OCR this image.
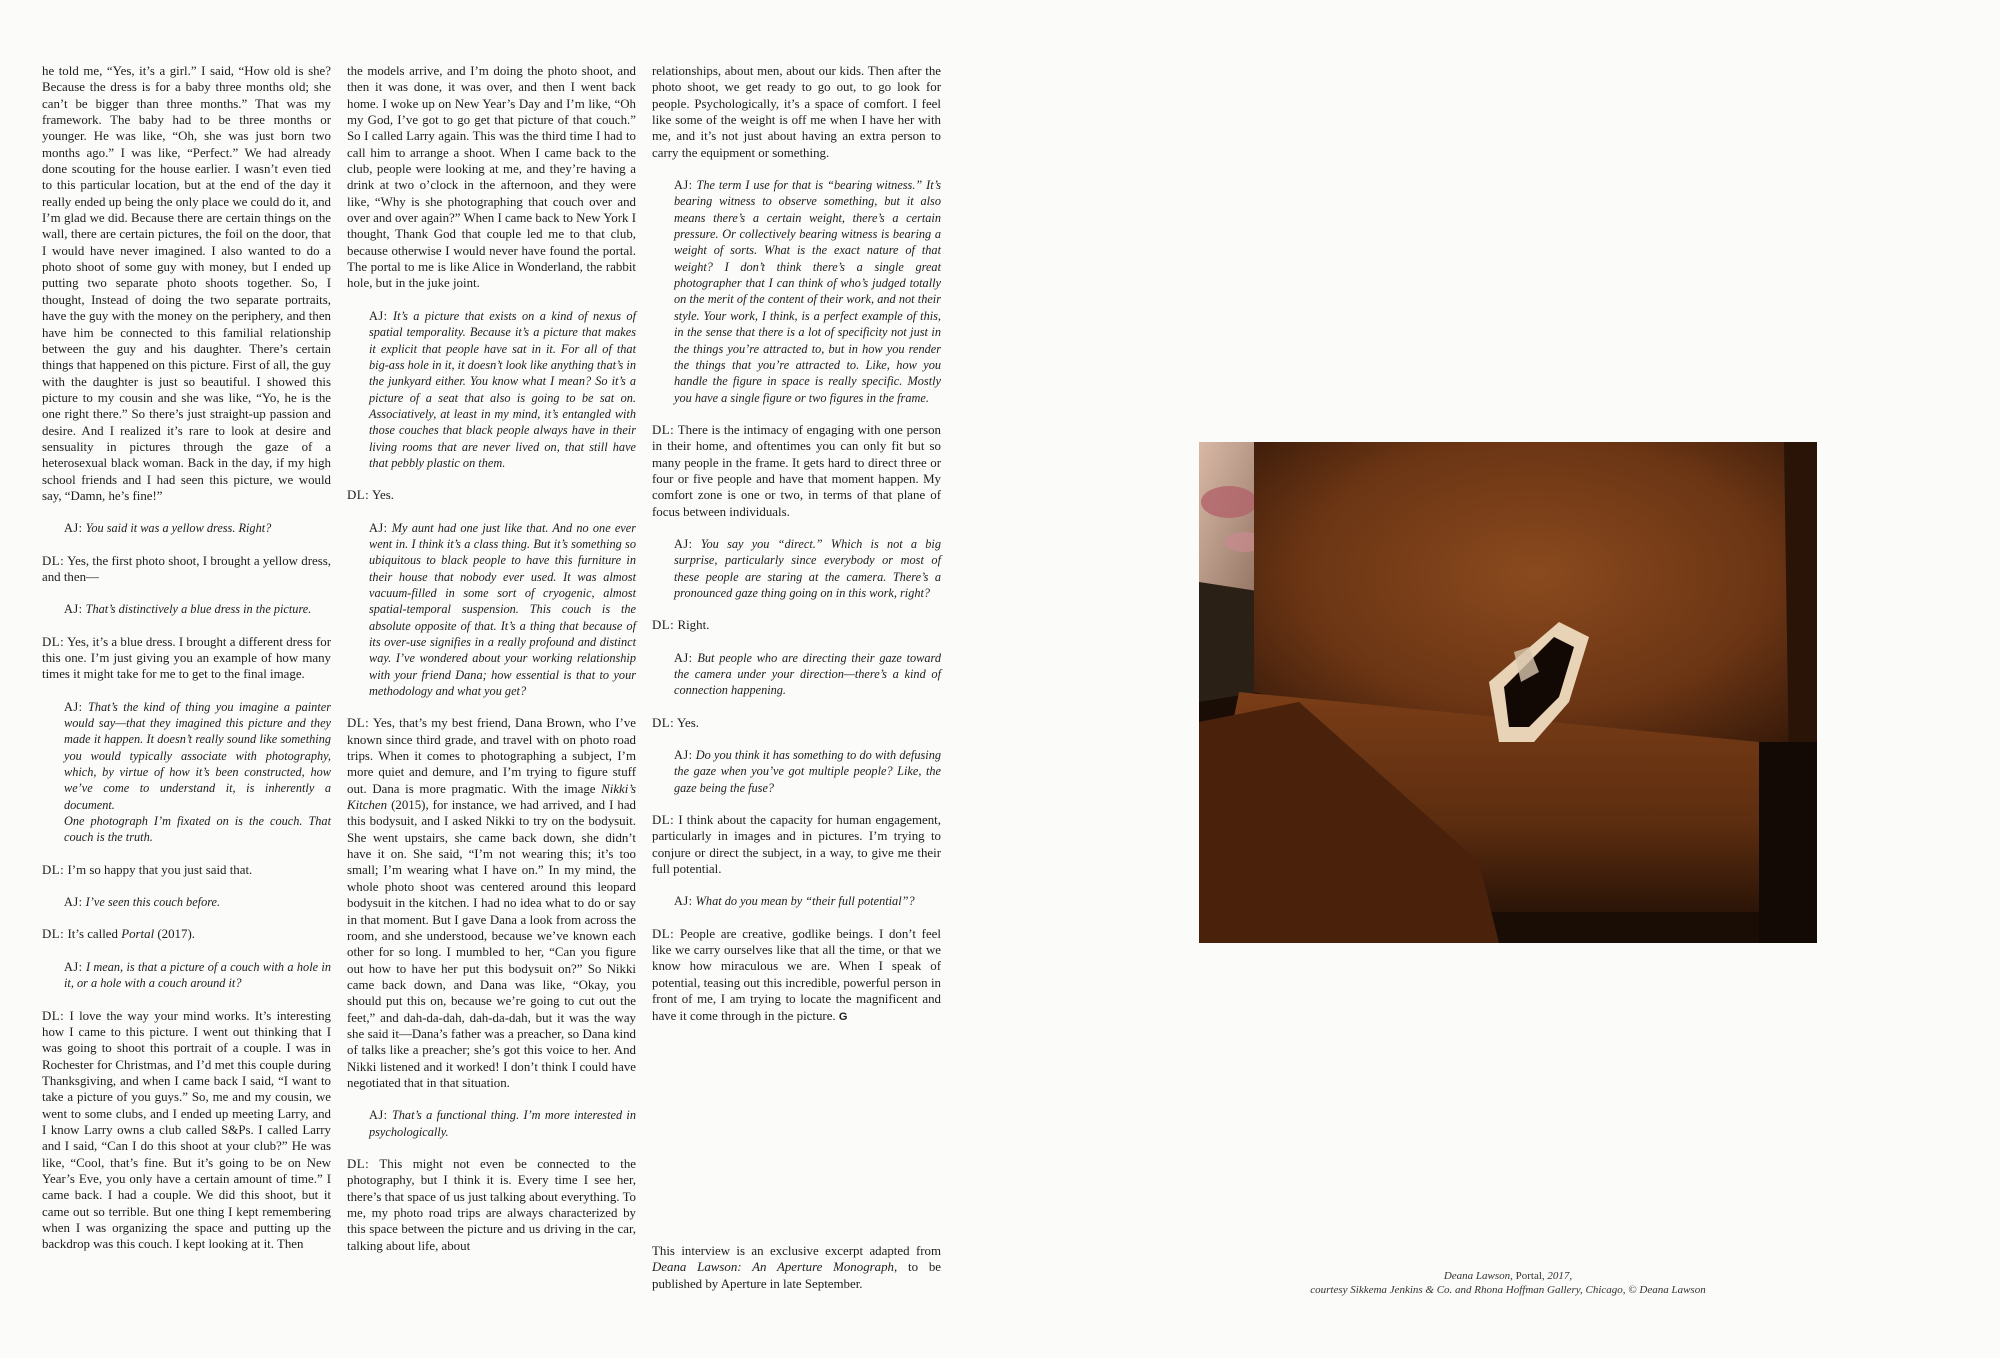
he told me, “Yes, it’s a girl.” I said, “How old is she? Because the dress is for a baby three months old; she can’t be bigger than three months.” That was my framework. The baby had to be three months or younger. He was like, “Oh, she was just born two months ago.” I was like, “Perfect.” We had already done scouting for the house earlier. I wasn’t even tied to this particular location, but at the end of the day it really ended up being the only place we could do it, and I’m glad we did. Because there are certain things on the wall, there are certain pictures, the foil on the door, that I would have never imagined. I also wanted to do a photo shoot of some guy with money, but I ended up putting two separate photo shoots together. So, I thought, Instead of doing the two separate portraits, have the guy with the money on the periphery, and then have him be connected to this familial relationship between the guy and his daughter. There’s certain things that happened on this picture. First of all, the guy with the daughter is just so beautiful. I showed this picture to my cousin and she was like, “Yo, he is the one right there.” So there’s just straight-up passion and desire. And I realized it’s rare to look at desire and sensuality in pictures through the gaze of a heterosexual black woman. Back in the day, if my high school friends and I had seen this picture, we would say, “Damn, he’s fine!”

AJ: You said it was a yellow dress. Right?

DL: Yes, the first photo shoot, I brought a yellow dress, and then—

AJ: That’s distinctively a blue dress in the picture.

DL: Yes, it’s a blue dress. I brought a different dress for this one. I’m just giving you an example of how many times it might take for me to get to the final image.

AJ: That’s the kind of thing you imagine a painter would say—that they imagined this picture and they made it happen. It doesn’t really sound like something you would typically associate with photography, which, by virtue of how it’s been constructed, how we’ve come to understand it, is inherently a document.
One photograph I’m fixated on is the couch. That couch is the truth.

DL: I’m so happy that you just said that.

AJ: I’ve seen this couch before.

DL: It’s called Portal (2017).

AJ: I mean, is that a picture of a couch with a hole in it, or a hole with a couch around it?

DL: I love the way your mind works. It’s interesting how I came to this picture. I went out thinking that I was going to shoot this portrait of a couple. I was in Rochester for Christmas, and I’d met this couple during Thanksgiving, and when I came back I said, “I want to take a picture of you guys.” So, me and my cousin, we went to some clubs, and I ended up meeting Larry, and I know Larry owns a club called S&Ps. I called Larry and I said, “Can I do this shoot at your club?” He was like, “Cool, that’s fine. But it’s going to be on New Year’s Eve, you only have a certain amount of time.” I came back. I had a couple. We did this shoot, but it came out so terrible. But one thing I kept remembering when I was organizing the space and putting up the backdrop was this couch. I kept looking at it. Then

the models arrive, and I’m doing the photo shoot, and then it was done, it was over, and then I went back home. I woke up on New Year’s Day and I’m like, “Oh my God, I’ve got to go get that picture of that couch.” So I called Larry again. This was the third time I had to call him to arrange a shoot. When I came back to the club, people were looking at me, and they’re having a drink at two o’clock in the afternoon, and they were like, “Why is she photographing that couch over and over and over again?” When I came back to New York I thought, Thank God that couple led me to that club, because otherwise I would never have found the portal. The portal to me is like Alice in Wonderland, the rabbit hole, but in the juke joint.

AJ: It’s a picture that exists on a kind of nexus of spatial temporality. Because it’s a picture that makes it explicit that people have sat in it. For all of that big-ass hole in it, it doesn’t look like anything that’s in the junkyard either. You know what I mean? So it’s a picture of a seat that also is going to be sat on. Associatively, at least in my mind, it’s entangled with those couches that black people always have in their living rooms that are never lived on, that still have that pebbly plastic on them.

DL: Yes.

AJ: My aunt had one just like that. And no one ever went in. I think it’s a class thing. But it’s something so ubiquitous to black people to have this furniture in their house that nobody ever used. It was almost vacuum-filled in some sort of cryogenic, almost spatial-temporal suspension. This couch is the absolute opposite of that. It’s a thing that because of its over-use signifies in a really profound and distinct way. I’ve wondered about your working relationship with your friend Dana; how essential is that to your methodology and what you get?

DL: Yes, that’s my best friend, Dana Brown, who I’ve known since third grade, and travel with on photo road trips. When it comes to photographing a subject, I’m more quiet and demure, and I’m trying to figure stuff out. Dana is more pragmatic. With the image Nikki’s Kitchen (2015), for instance, we had arrived, and I had this bodysuit, and I asked Nikki to try on the bodysuit. She went upstairs, she came back down, she didn’t have it on. She said, “I’m not wearing this; it’s too small; I’m wearing what I have on.” In my mind, the whole photo shoot was centered around this leopard bodysuit in the kitchen. I had no idea what to do or say in that moment. But I gave Dana a look from across the room, and she understood, because we’ve known each other for so long. I mumbled to her, “Can you figure out how to have her put this bodysuit on?” So Nikki came back down, and Dana was like, “Okay, you should put this on, because we’re going to cut out the feet,” and dah-da-dah, dah-da-dah, but it was the way she said it—Dana’s father was a preacher, so Dana kind of talks like a preacher; she’s got this voice to her. And Nikki listened and it worked! I don’t think I could have negotiated that in that situation.

AJ: That’s a functional thing. I’m more interested in psychologically.

DL: This might not even be connected to the photography, but I think it is. Every time I see her, there’s that space of us just talking about everything. To me, my photo road trips are always characterized by this space between the picture and us driving in the car, talking about life, about

relationships, about men, about our kids. Then after the photo shoot, we get ready to go out, to go look for people. Psychologically, it’s a space of comfort. I feel like some of the weight is off me when I have her with me, and it’s not just about having an extra person to carry the equipment or something.

AJ: The term I use for that is “bearing witness.” It’s bearing witness to observe something, but it also means there’s a certain weight, there’s a certain pressure. Or collectively bearing witness is bearing a weight of sorts. What is the exact nature of that weight? I don’t think there’s a single great photographer that I can think of who’s judged totally on the merit of the content of their work, and not their style. Your work, I think, is a perfect example of this, in the sense that there is a lot of specificity not just in the things you’re attracted to, but in how you render the things that you’re attracted to. Like, how you handle the figure in space is really specific. Mostly you have a single figure or two figures in the frame.

DL: There is the intimacy of engaging with one person in their home, and oftentimes you can only fit but so many people in the frame. It gets hard to direct three or four or five people and have that moment happen. My comfort zone is one or two, in terms of that plane of focus between individuals.

AJ: You say you “direct.” Which is not a big surprise, particularly since everybody or most of these people are staring at the camera. There’s a pronounced gaze thing going on in this work, right?

DL: Right.

AJ: But people who are directing their gaze toward the camera under your direction—there’s a kind of connection happening.

DL: Yes.

AJ: Do you think it has something to do with defusing the gaze when you’ve got multiple people? Like, the gaze being the fuse?

DL: I think about the capacity for human engagement, particularly in images and in pictures. I’m trying to conjure or direct the subject, in a way, to give me their full potential.

AJ: What do you mean by “their full potential”?

DL: People are creative, godlike beings. I don’t feel like we carry ourselves like that all the time, or that we know how miraculous we are. When I speak of potential, teasing out this incredible, powerful person in front of me, I am trying to locate the magnificent and have it come through in the picture. G

This interview is an exclusive excerpt adapted from Deana Lawson: An Aperture Monograph, to be published by Aperture in late September.
Deana Lawson, Portal, 2017,
courtesy Sikkema Jenkins & Co. and Rhona Hoffman Gallery, Chicago, © Deana Lawson
